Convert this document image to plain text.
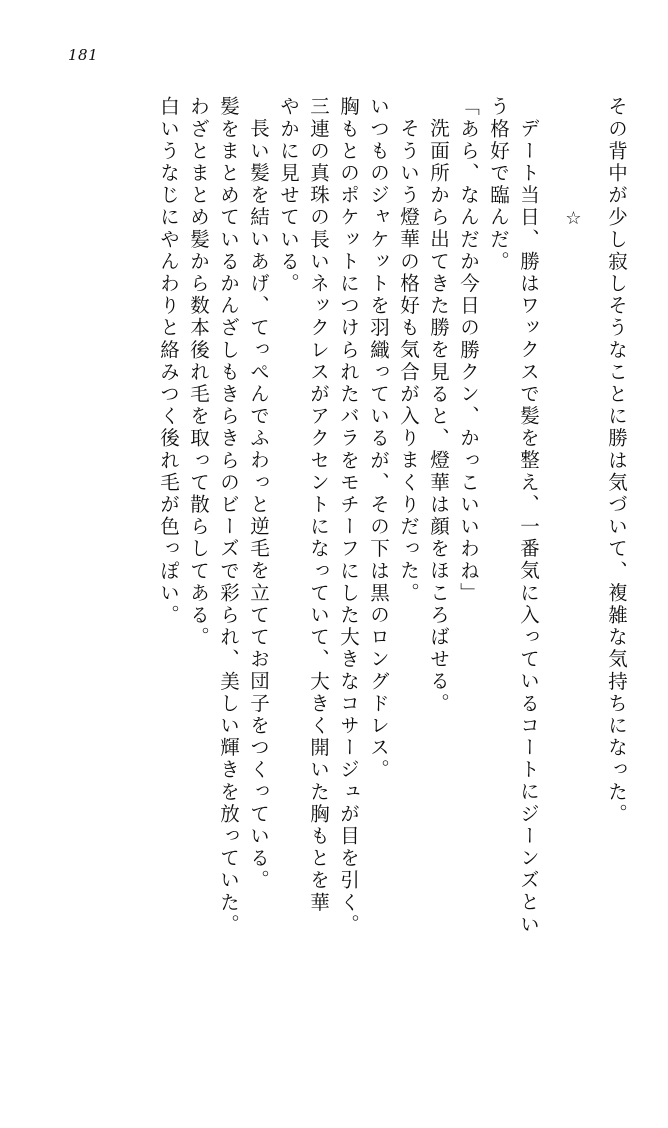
181
その背中が少し寂しそうなことに勝は気づいて、複雑な気持ちになった。
☆
デート当日、勝はワックスで髪を整え、一番気に入っているコートにジーンズとい
う格好で臨んだ。
「あら、なんだか今日の勝クン、かっこいいわね」
洗面所から出てきた勝を見ると、燈華は顔をほころばせる。
そういう燈華の格好も気合が入りまくりだった。
いつものジャケットを羽織っているが、その下は黒のロングドレス。
胸もとのポケットにつけられたバラをモチーフにした大きなコサージュが目を引く。
三連の真珠の長いネックレスがアクセントになっていて、大きく開いた胸もとを華
やかに見せている。
長い髪を結いあげ、てっぺんでふわっと逆毛を立ててお団子をつくっている。
髪をまとめているかんざしもきらきらのビーズで彩られ、美しい輝きを放っていた。
わざとまとめ髪から数本後れ毛を取って散らしてある。
白いうなじにやんわりと絡みつく後れ毛が色っぽい。
